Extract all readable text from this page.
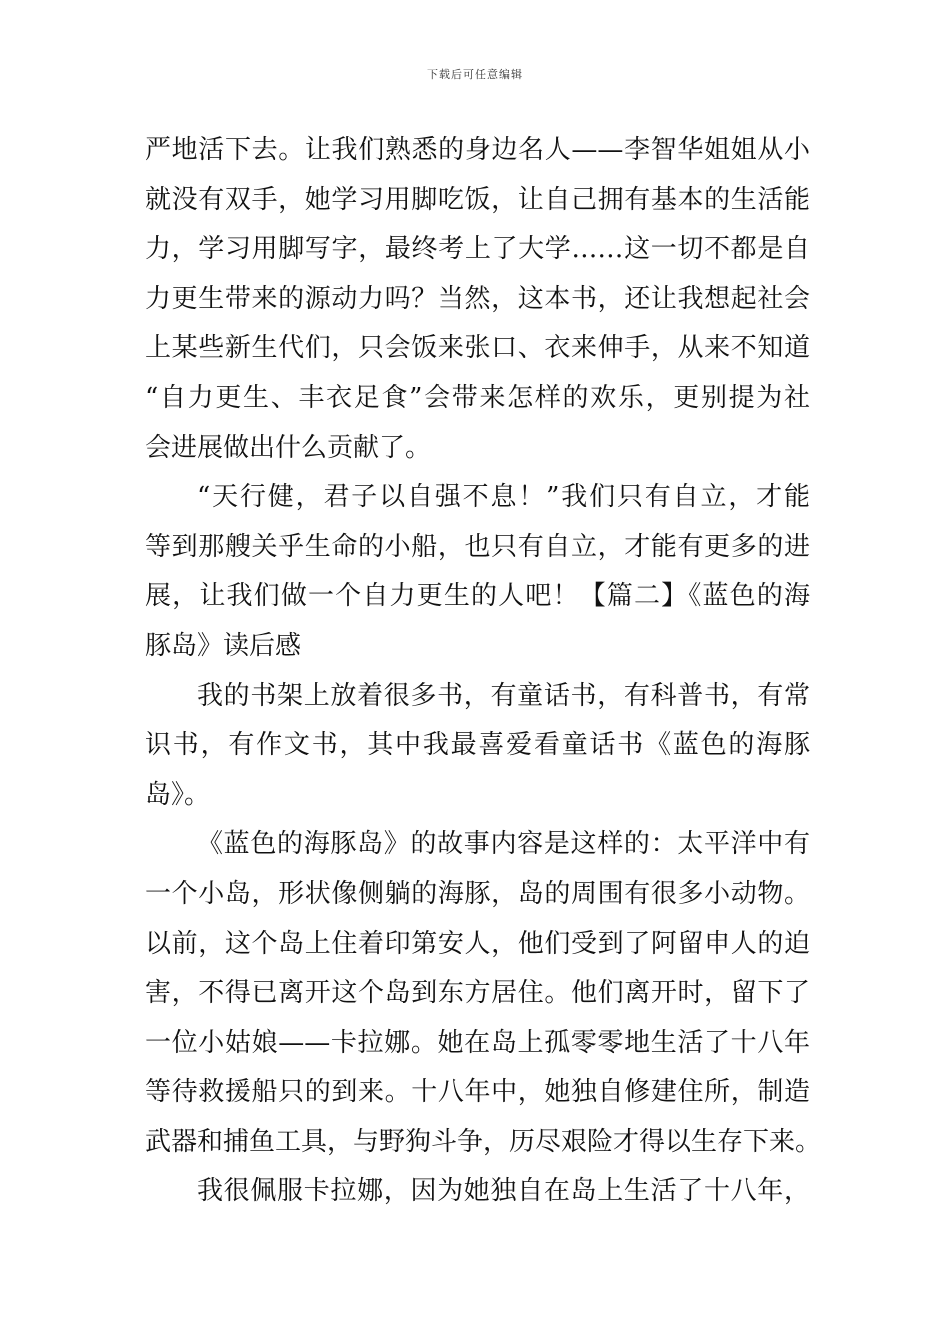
下载后可任意编辑
严地活下去。让我们熟悉的身边名人——李智华姐姐从小
就没有双手，她学习用脚吃饭，让自己拥有基本的生活能
力，学习用脚写字，最终考上了大学……这一切不都是自
力更生带来的源动力吗？当然，这本书，还让我想起社会
上某些新生代们，只会饭来张口、衣来伸手，从来不知道
“自力更生、丰衣足食”会带来怎样的欢乐，更别提为社
会进展做出什么贡献了。
“天行健，君子以自强不息！”我们只有自立，才能
等到那艘关乎生命的小船，也只有自立，才能有更多的进
展，让我们做一个自力更生的人吧！【篇二】《蓝色的海
豚岛》读后感
我的书架上放着很多书，有童话书，有科普书，有常
识书，有作文书，其中我最喜爱看童话书《蓝色的海豚
岛》。
《蓝色的海豚岛》的故事内容是这样的：太平洋中有
一个小岛，形状像侧躺的海豚，岛的周围有很多小动物。
以前，这个岛上住着印第安人，他们受到了阿留申人的迫
害，不得已离开这个岛到东方居住。他们离开时，留下了
一位小姑娘——卡拉娜。她在岛上孤零零地生活了十八年
等待救援船只的到来。十八年中，她独自修建住所，制造
武器和捕鱼工具，与野狗斗争，历尽艰险才得以生存下来。
我很佩服卡拉娜，因为她独自在岛上生活了十八年，
